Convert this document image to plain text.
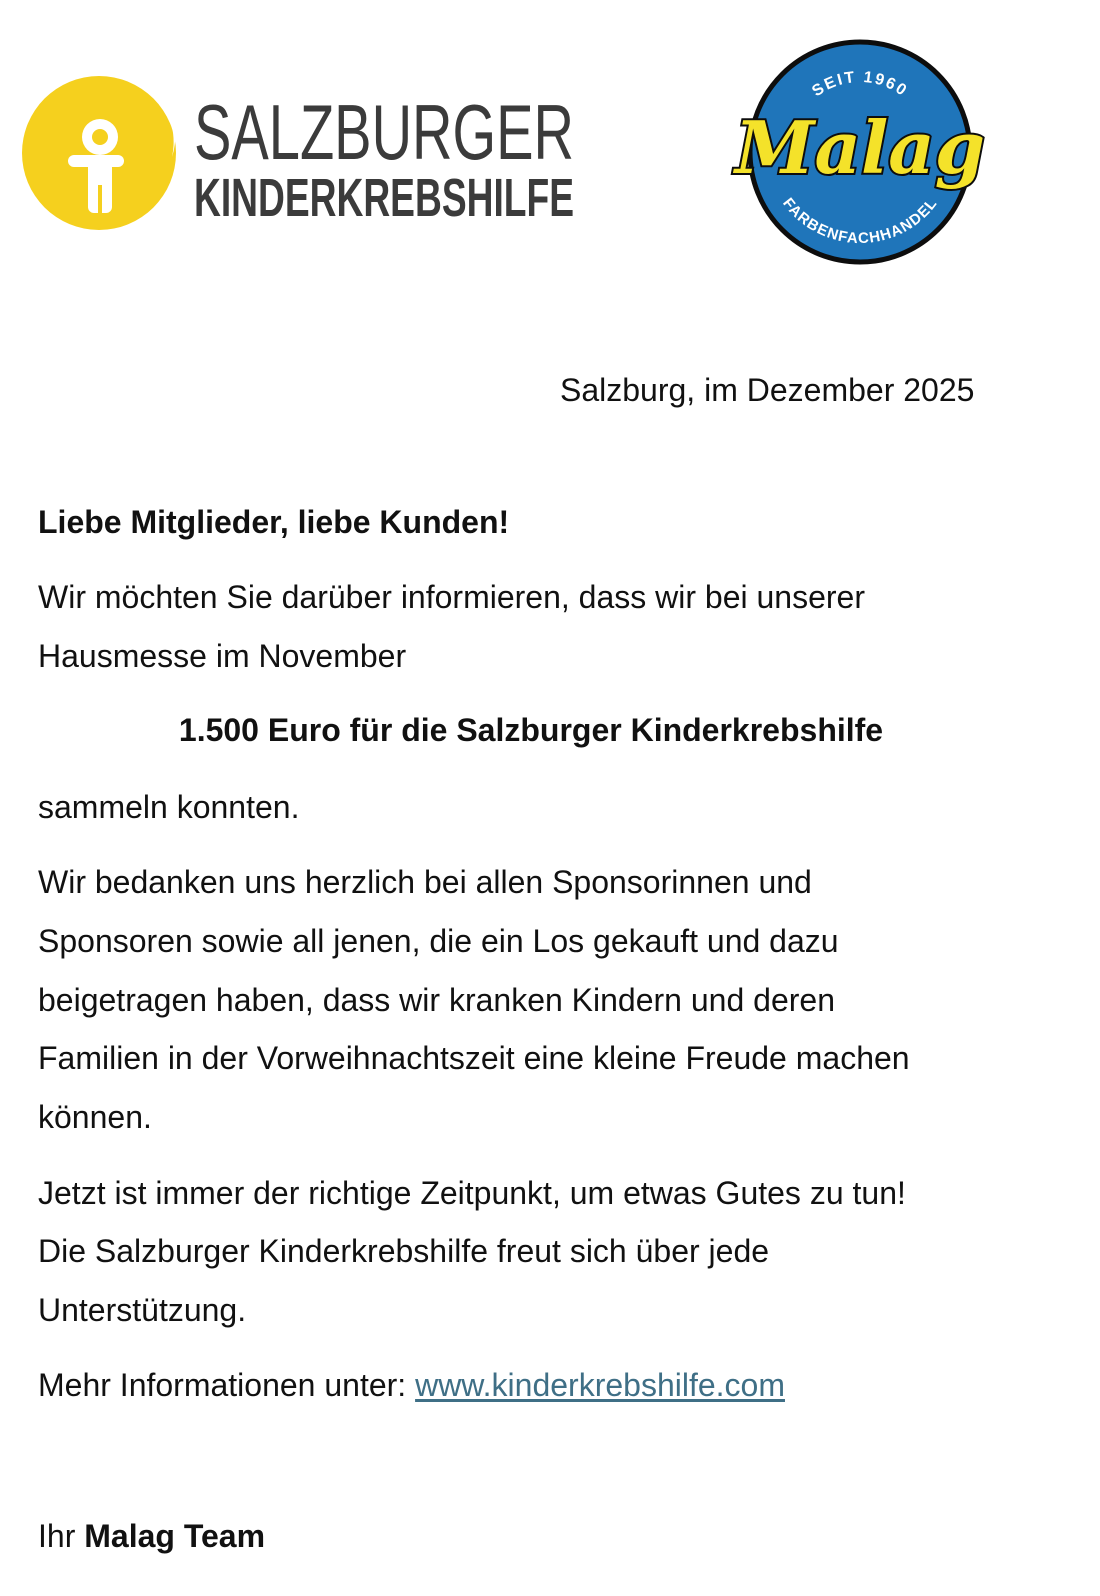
SALZBURGER
KINDERKREBSHILFE
SEIT 1960
FARBENFACHHANDEL
Malag
Salzburg, im Dezember 2025
Liebe Mitglieder, liebe Kunden!
Wir möchten Sie darüber informieren, dass wir bei unserer
Hausmesse im November
1.500 Euro für die Salzburger Kinderkrebshilfe
sammeln konnten.
Wir bedanken uns herzlich bei allen Sponsorinnen und
Sponsoren sowie all jenen, die ein Los gekauft und dazu
beigetragen haben, dass wir kranken Kindern und deren
Familien in der Vorweihnachtszeit eine kleine Freude machen
können.
Jetzt ist immer der richtige Zeitpunkt, um etwas Gutes zu tun!
Die Salzburger Kinderkrebshilfe freut sich über jede
Unterstützung.
Mehr Informationen unter: www.kinderkrebshilfe.com
Ihr Malag Team
